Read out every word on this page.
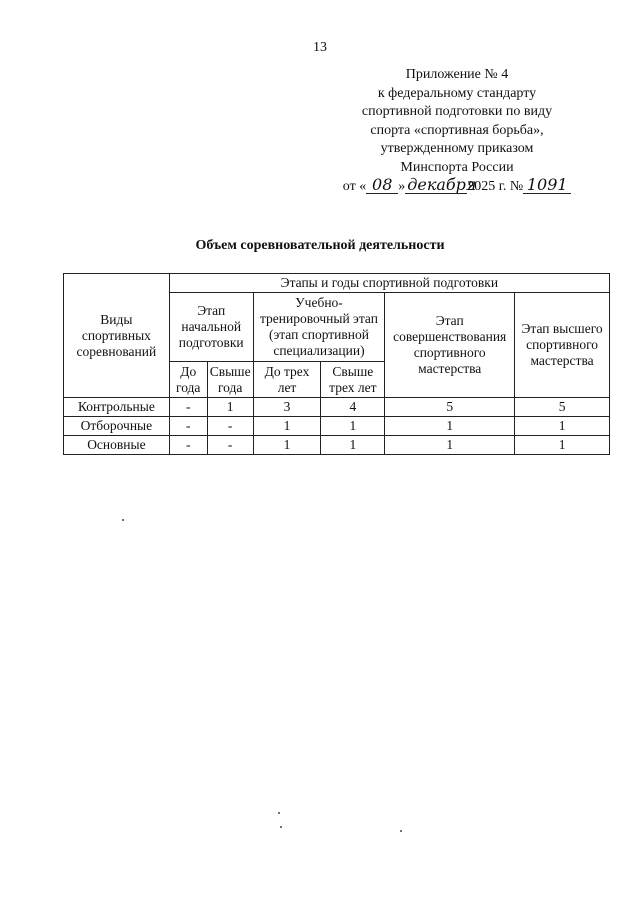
13
Приложение № 4
к федеральному стандарту
спортивной подготовки по виду
спорта «спортивная борьба»,
утвержденному приказом
Минспорта России
от « 08 » декабря
2025 г. № 1091
Объем соревновательной деятельности
Виды спортивных соревнований	Этапы и годы спортивной подготовки					
	Этап начальной подготовки		Учебно-тренировочный этап (этап спортивной специализации)		Этап совершенствования спортивного мастерства	Этап высшего спортивного мастерства
	До года	Свыше года	До трех лет	Свыше трех лет		
Контрольные	-	1	3	4	5	5
Отборочные	-	-	1	1	1	1
Основные	-	-	1	1	1	1
